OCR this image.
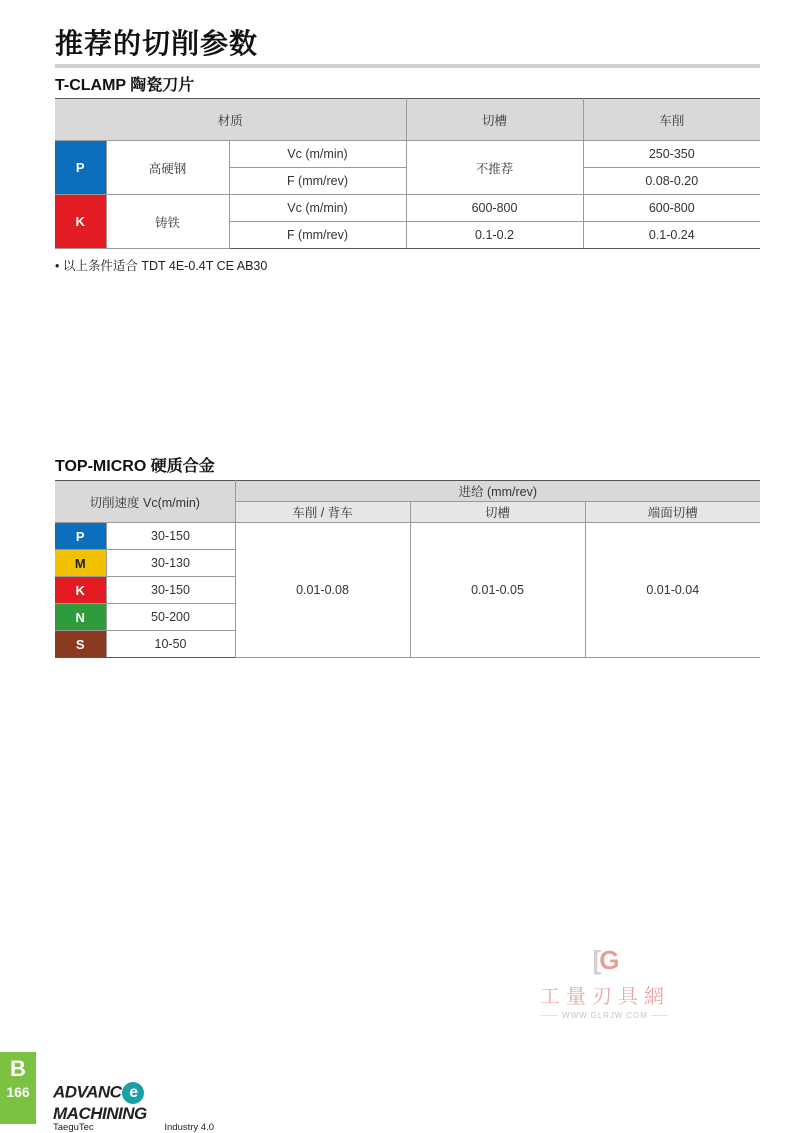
推荐的切削参数
T-CLAMP 陶瓷刀片
材质			切槽	车削
P	高硬钢	Vc (m/min)	不推荐	250-350
		F (mm/rev)		0.08-0.20
K	铸铁	Vc (m/min)	600-800	600-800
		F (mm/rev)	0.1-0.2	0.1-0.24
• 以上条件适合 TDT 4E-0.4T CE AB30
TOP-MICRO 硬质合金
切削速度 Vc(m/min)		进给 (mm/rev)		
		车削 / 背车	切槽	端面切槽
P	30-150	0.01-0.08	0.01-0.05	0.01-0.04
M	30-130			
K	30-150			
N	50-200			
S	10-50			
[G
工量刃具網
—— WWW.GLRJW.COM ——
B
166	ADVANC eMACHINING
TaeguTec	Industry 4.0
